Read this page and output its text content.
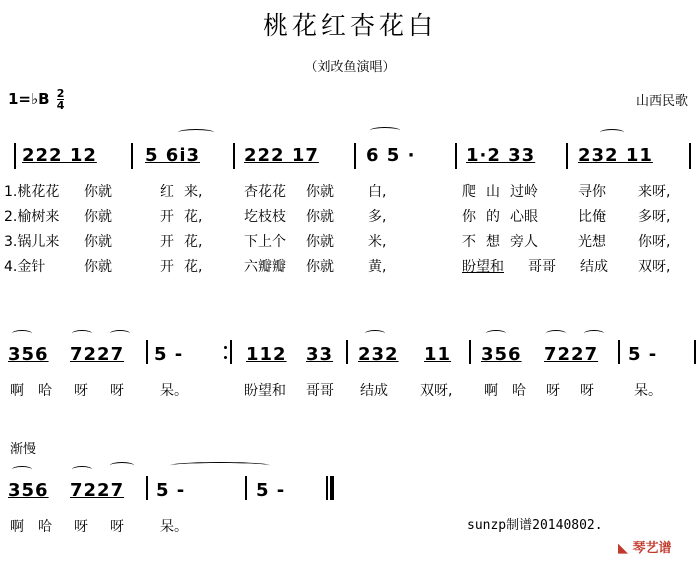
桃花红杏花白
（刘改鱼演唱）
1=♭B $\frac{2}{4}$	山西民歌
222 12	5 6i3 222 17	6 5 ·	1·2 33 232 11
1.桃花花 你就	红 来,	杏花花 你就 白,	爬 山 过岭	寻你 来呀,
2.榆树来 你就	开 花,	圪枝枝 你就 多,	你 的 心眼	比俺 多呀,
3.锅儿来 你就	开 花,	下上个 你就 米,	不 想 旁人	光想 你呀,
4.金针	你就	开 花,	六瓣瓣 你就 黄,	盼望和 哥哥 结成 双呀,
356 7227 5 -	112 33 232 11 356 7227 5 -
啊 哈 呀 呀	呆。	盼望和 哥哥 结成 双呀, 啊 哈 呀 呀	呆。
渐慢
356 7227 5 -	5 -
啊 哈 呀 呀	呆。	sunzp制谱20140802.
◣ 琴艺谱
